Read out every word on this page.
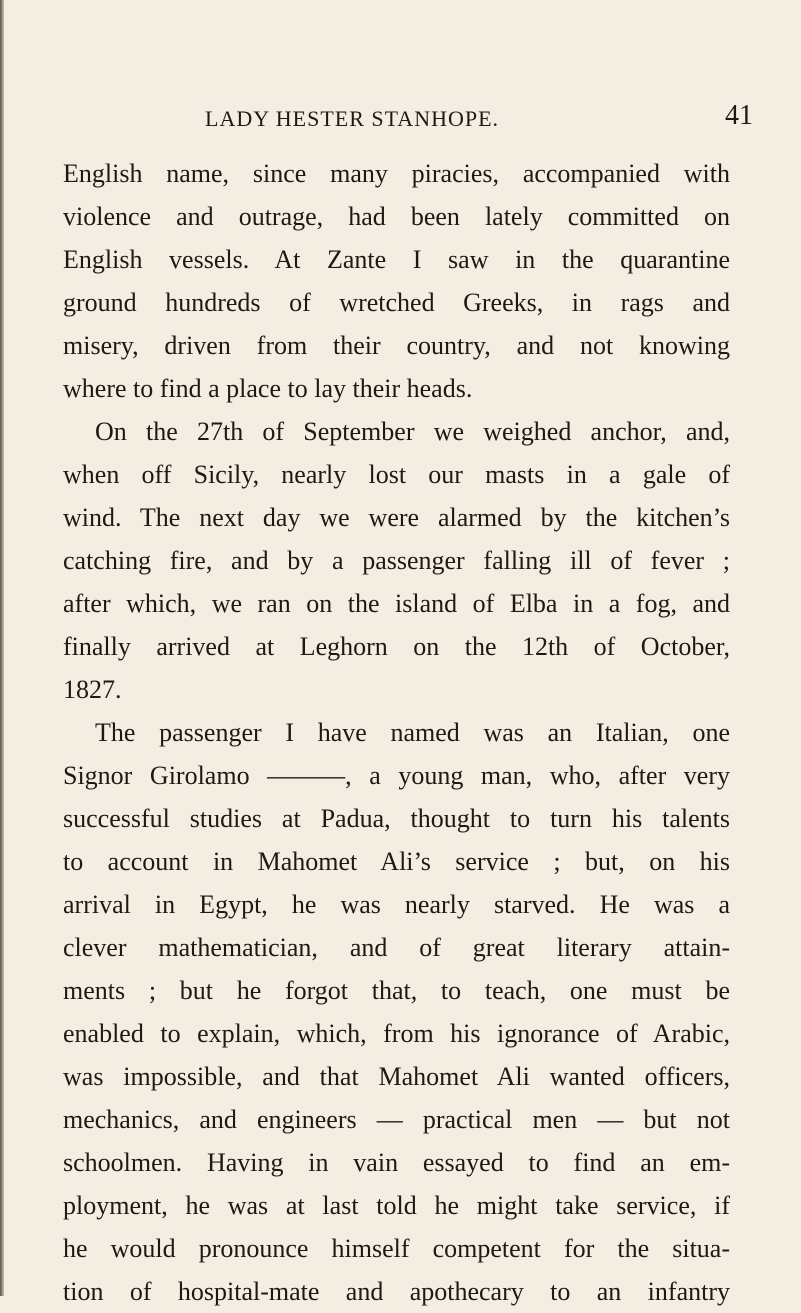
LADY HESTER STANHOPE.	41
English name, since many piracies, accompanied with
violence and outrage, had been lately committed on
English vessels. At Zante I saw in the quarantine
ground hundreds of wretched Greeks, in rags and
misery, driven from their country, and not knowing
where to find a place to lay their heads.
On the 27th of September we weighed anchor, and,
when off Sicily, nearly lost our masts in a gale of
wind. The next day we were alarmed by the kitchen’s
catching fire, and by a passenger falling ill of fever ;
after which, we ran on the island of Elba in a fog, and
finally arrived at Leghorn on the 12th of October,
1827.
The passenger I have named was an Italian, one
Signor Girolamo ———, a young man, who, after very
successful studies at Padua, thought to turn his talents
to account in Mahomet Ali’s service ; but, on his
arrival in Egypt, he was nearly starved. He was a
clever mathematician, and of great literary attain-
ments ; but he forgot that, to teach, one must be
enabled to explain, which, from his ignorance of Arabic,
was impossible, and that Mahomet Ali wanted officers,
mechanics, and engineers — practical men — but not
schoolmen. Having in vain essayed to find an em-
ployment, he was at last told he might take service, if
he would pronounce himself competent for the situa-
tion of hospital-mate and apothecary to an infantry
